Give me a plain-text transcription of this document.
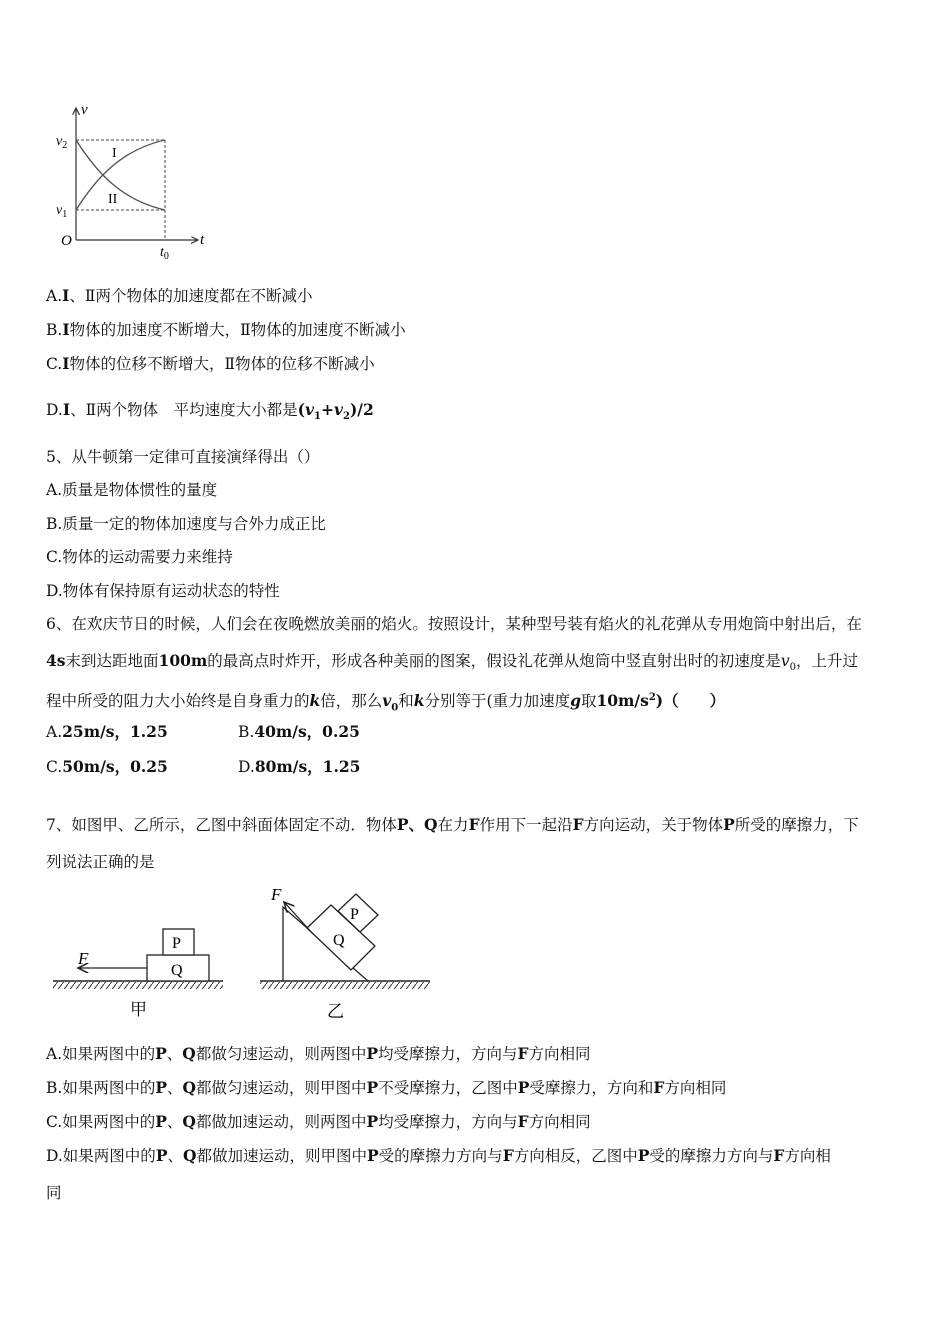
v
t
O
$v_2$
$v_1$
$t_0$
I
II
A.I、Ⅱ两个物体的加速度都在不断减小
B.I物体的加速度不断增大，Ⅱ物体的加速度不断减小
C.I物体的位移不断增大，Ⅱ物体的位移不断减小
D.I、Ⅱ两个物体　平均速度大小都是$(v_1+v_2)/2$
5、从牛顿第一定律可直接演绎得出（）
A.质量是物体惯性的量度
B.质量一定的物体加速度与合外力成正比
C.物体的运动需要力来维持
D.物体有保持原有运动状态的特性
6、在欢庆节日的时候，人们会在夜晚燃放美丽的焰火。按照设计，某种型号装有焰火的礼花弹从专用炮筒中射出后，在
4s末到达距地面100m的最高点时炸开，形成各种美丽的图案，假设礼花弹从炮筒中竖直射出时的初速度是$v_0$，上升过
程中所受的阻力大小始终是自身重力的k倍，那么$v_0$和k分别等于(重力加速度g取$10m/s^2$)（　　）
A.25m/s，1.25	B.40m/s，0.25
C.50m/s，0.25	D.80m/s，1.25
7、如图甲、乙所示，乙图中斜面体固定不动．物体P、Q在力F作用下一起沿F方向运动，关于物体P所受的摩擦力，下
列说法正确的是
Q
P
F
甲
Q
P
F
乙
A.如果两图中的P、Q都做匀速运动，则两图中P均受摩擦力，方向与F方向相同
B.如果两图中的P、Q都做匀速运动，则甲图中P不受摩擦力，乙图中P受摩擦力，方向和F方向相同
C.如果两图中的P、Q都做加速运动，则两图中P均受摩擦力，方向与F方向相同
D.如果两图中的P、Q都做加速运动，则甲图中P受的摩擦力方向与F方向相反，乙图中P受的摩擦力方向与F方向相
同
